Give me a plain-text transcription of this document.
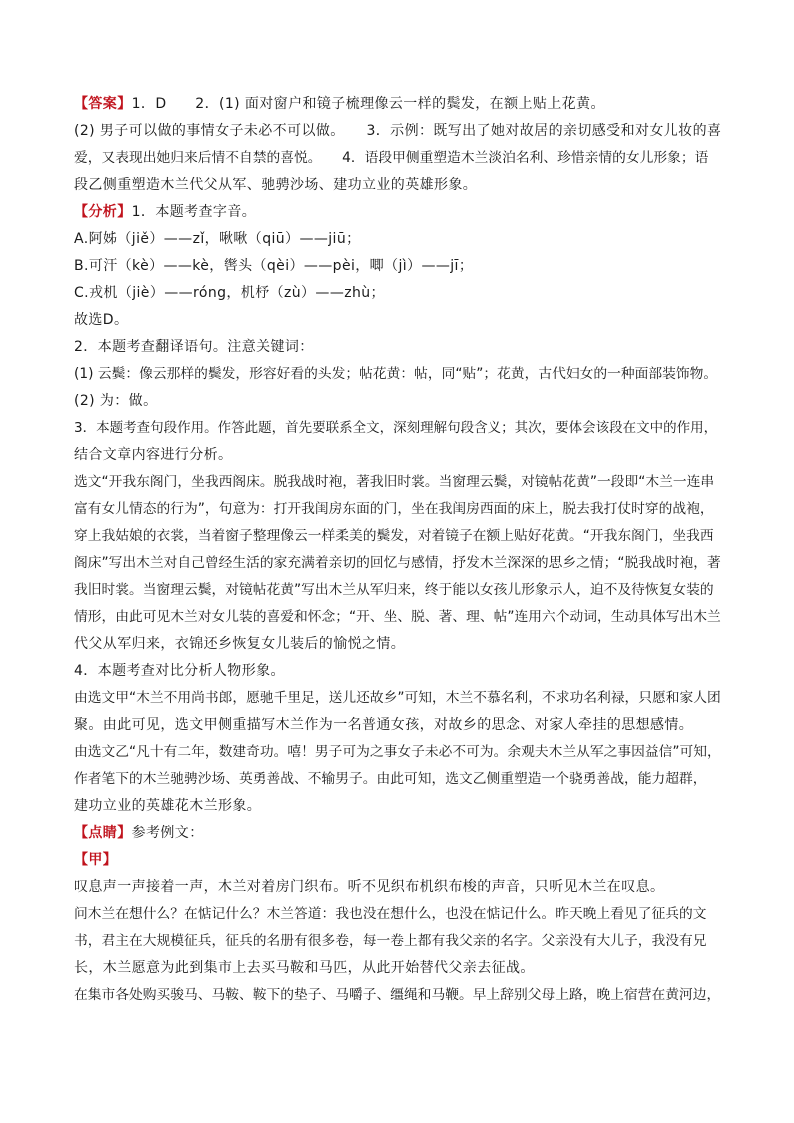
【答案】1．D　　2．(1) 面对窗户和镜子梳理像云一样的鬓发，在额上贴上花黄。
(2) 男子可以做的事情女子未必不可以做。　　3．示例：既写出了她对故居的亲切感受和对女儿妆的喜
爱，又表现出她归来后情不自禁的喜悦。　　4．语段甲侧重塑造木兰淡泊名利、珍惜亲情的女儿形象；语
段乙侧重塑造木兰代父从军、驰骋沙场、建功立业的英雄形象。
【分析】1．本题考查字音。
A.阿姊（jiě）——zǐ，啾啾（qiū）——jiū；
B.可汗（kè）——kè，辔头（qèi）——pèi，唧（jì）——jī；
C.戎机（jiè）——róng，机杼（zù）——zhù；
故选D。
2．本题考查翻译语句。注意关键词：
(1) 云鬓：像云那样的鬓发，形容好看的头发；帖花黄：帖，同“贴”；花黄，古代妇女的一种面部装饰物。
(2) 为：做。
3．本题考查句段作用。作答此题，首先要联系全文，深刻理解句段含义；其次，要体会该段在文中的作用，
结合文章内容进行分析。
选文“开我东阁门，坐我西阁床。脱我战时袍，著我旧时裳。当窗理云鬓，对镜帖花黄”一段即“木兰一连串
富有女儿情态的行为”，句意为：打开我闺房东面的门，坐在我闺房西面的床上，脱去我打仗时穿的战袍，
穿上我姑娘的衣裳，当着窗子整理像云一样柔美的鬓发，对着镜子在额上贴好花黄。“开我东阁门，坐我西
阁床”写出木兰对自己曾经生活的家充满着亲切的回忆与感情，抒发木兰深深的思乡之情；“脱我战时袍，著
我旧时裳。当窗理云鬓，对镜帖花黄”写出木兰从军归来，终于能以女孩儿形象示人，迫不及待恢复女装的
情形，由此可见木兰对女儿装的喜爱和怀念；“开、坐、脱、著、理、帖”连用六个动词，生动具体写出木兰
代父从军归来，衣锦还乡恢复女儿装后的愉悦之情。
4．本题考查对比分析人物形象。
由选文甲“木兰不用尚书郎，愿驰千里足，送儿还故乡”可知，木兰不慕名利，不求功名利禄，只愿和家人团
聚。由此可见，选文甲侧重描写木兰作为一名普通女孩，对故乡的思念、对家人牵挂的思想感情。
由选文乙“凡十有二年，数建奇功。嘻！男子可为之事女子未必不可为。余观夫木兰从军之事因益信”可知，
作者笔下的木兰驰骋沙场、英勇善战、不输男子。由此可知，选文乙侧重塑造一个骁勇善战，能力超群，
建功立业的英雄花木兰形象。
【点睛】参考例文：
【甲】
叹息声一声接着一声，木兰对着房门织布。听不见织布机织布梭的声音，只听见木兰在叹息。
问木兰在想什么？在惦记什么？木兰答道：我也没在想什么，也没在惦记什么。昨天晚上看见了征兵的文
书，君主在大规模征兵，征兵的名册有很多卷，每一卷上都有我父亲的名字。父亲没有大儿子，我没有兄
长，木兰愿意为此到集市上去买马鞍和马匹，从此开始替代父亲去征战。
在集市各处购买骏马、马鞍、鞍下的垫子、马嚼子、缰绳和马鞭。早上辞别父母上路，晚上宿营在黄河边，
